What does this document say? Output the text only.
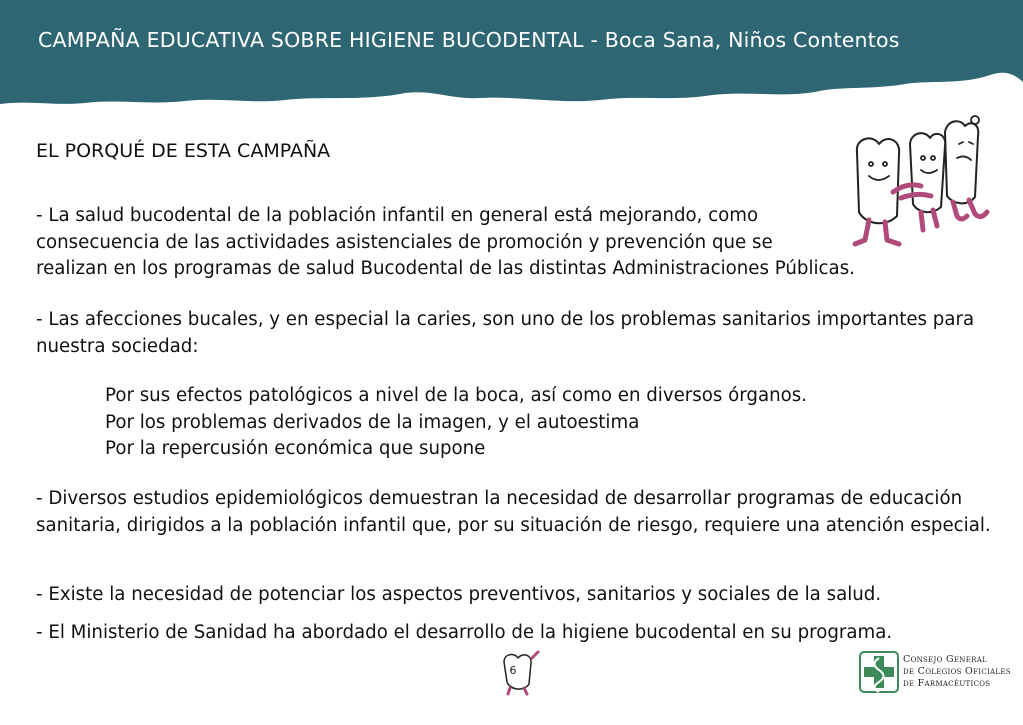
CAMPAÑA EDUCATIVA SOBRE HIGIENE BUCODENTAL - Boca Sana, Niños Contentos
EL PORQUÉ DE ESTA CAMPAÑA

- La salud bucodental de la población infantil en general está mejorando, como
consecuencia de las actividades asistenciales de promoción y prevención que se
realizan en los programas de salud Bucodental de las distintas Administraciones Públicas.

- Las afecciones bucales, y en especial la caries, son uno de los problemas sanitarios importantes para nuestra sociedad:

Por sus efectos patológicos a nivel de la boca, así como en diversos órganos.
Por los problemas derivados de la imagen, y el autoestima
Por la repercusión económica que supone

- Diversos estudios epidemiológicos demuestran la necesidad de desarrollar programas de educación sanitaria, dirigidos a la población infantil que, por su situación de riesgo, requiere una atención especial.

- Existe la necesidad de potenciar los aspectos preventivos, sanitarios y sociales de la salud.

- El Ministerio de Sanidad ha abordado el desarrollo de la higiene bucodental en su programa.

6
Consejo General
de Colegios Oficiales
de Farmacéuticos
